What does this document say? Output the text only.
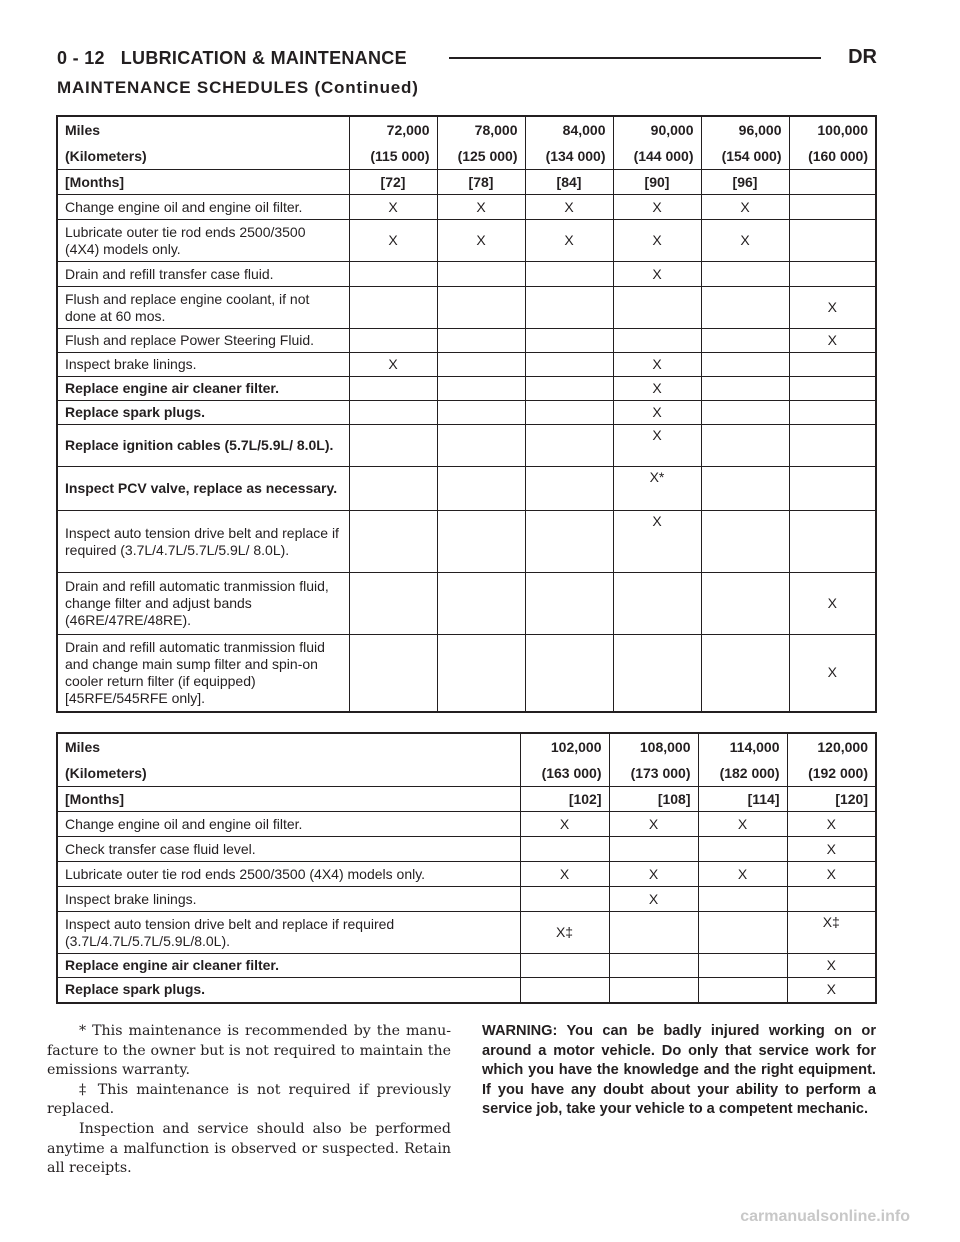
0 - 12   LUBRICATION & MAINTENANCE	DR
MAINTENANCE SCHEDULES (Continued)
Miles	72,000	78,000	84,000	90,000	96,000	100,000
(Kilometers)	(115 000)	(125 000)	(134 000)	(144 000)	(154 000)	(160 000)
[Months]	[72]	[78]	[84]	[90]	[96]	
Change engine oil and engine oil filter.	X	X	X	X	X	
Lubricate outer tie rod ends 2500/3500 (4X4) models only.	X	X	X	X	X	
Drain and refill transfer case fluid.				X		
Flush and replace engine coolant, if not done at 60 mos.						X
Flush and replace Power Steering Fluid.						X
Inspect brake linings.	X			X		
Replace engine air cleaner filter.				X		
Replace spark plugs.				X		
Replace ignition cables (5.7L/5.9L/ 8.0L).				X		
Inspect PCV valve, replace as necessary.				X*		
Inspect auto tension drive belt and replace if required (3.7L/4.7L/5.7L/5.9L/ 8.0L).				X		
Drain and refill automatic tranmission fluid, change filter and adjust bands (46RE/47RE/48RE).						X
Drain and refill automatic tranmission fluid and change main sump filter and spin-on cooler return filter (if equipped) [45RFE/545RFE only].						X
Miles	102,000	108,000	114,000	120,000
(Kilometers)	(163 000)	(173 000)	(182 000)	(192 000)
[Months]	[102]	[108]	[114]	[120]
Change engine oil and engine oil filter.	X	X	X	X
Check transfer case fluid level.				X
Lubricate outer tie rod ends 2500/3500 (4X4) models only.	X	X	X	X
Inspect brake linings.		X		
Inspect auto tension drive belt and replace if required (3.7L/4.7L/5.7L/5.9L/8.0L).	X‡			X‡
Replace engine air cleaner filter.				X
Replace spark plugs.				X

* This maintenance is recommended by the manu- facture to the owner but is not required to maintain the emissions warranty.

‡ This maintenance is not required if previously replaced.

Inspection and service should also be performed anytime a malfunction is observed or suspected. Retain all receipts.

WARNING: You can be badly injured working on or around a motor vehicle. Do only that service work for which you have the knowledge and the right equipment. If you have any doubt about your ability to perform a service job, take your vehicle to a competent mechanic.
carmanualsonline.info
